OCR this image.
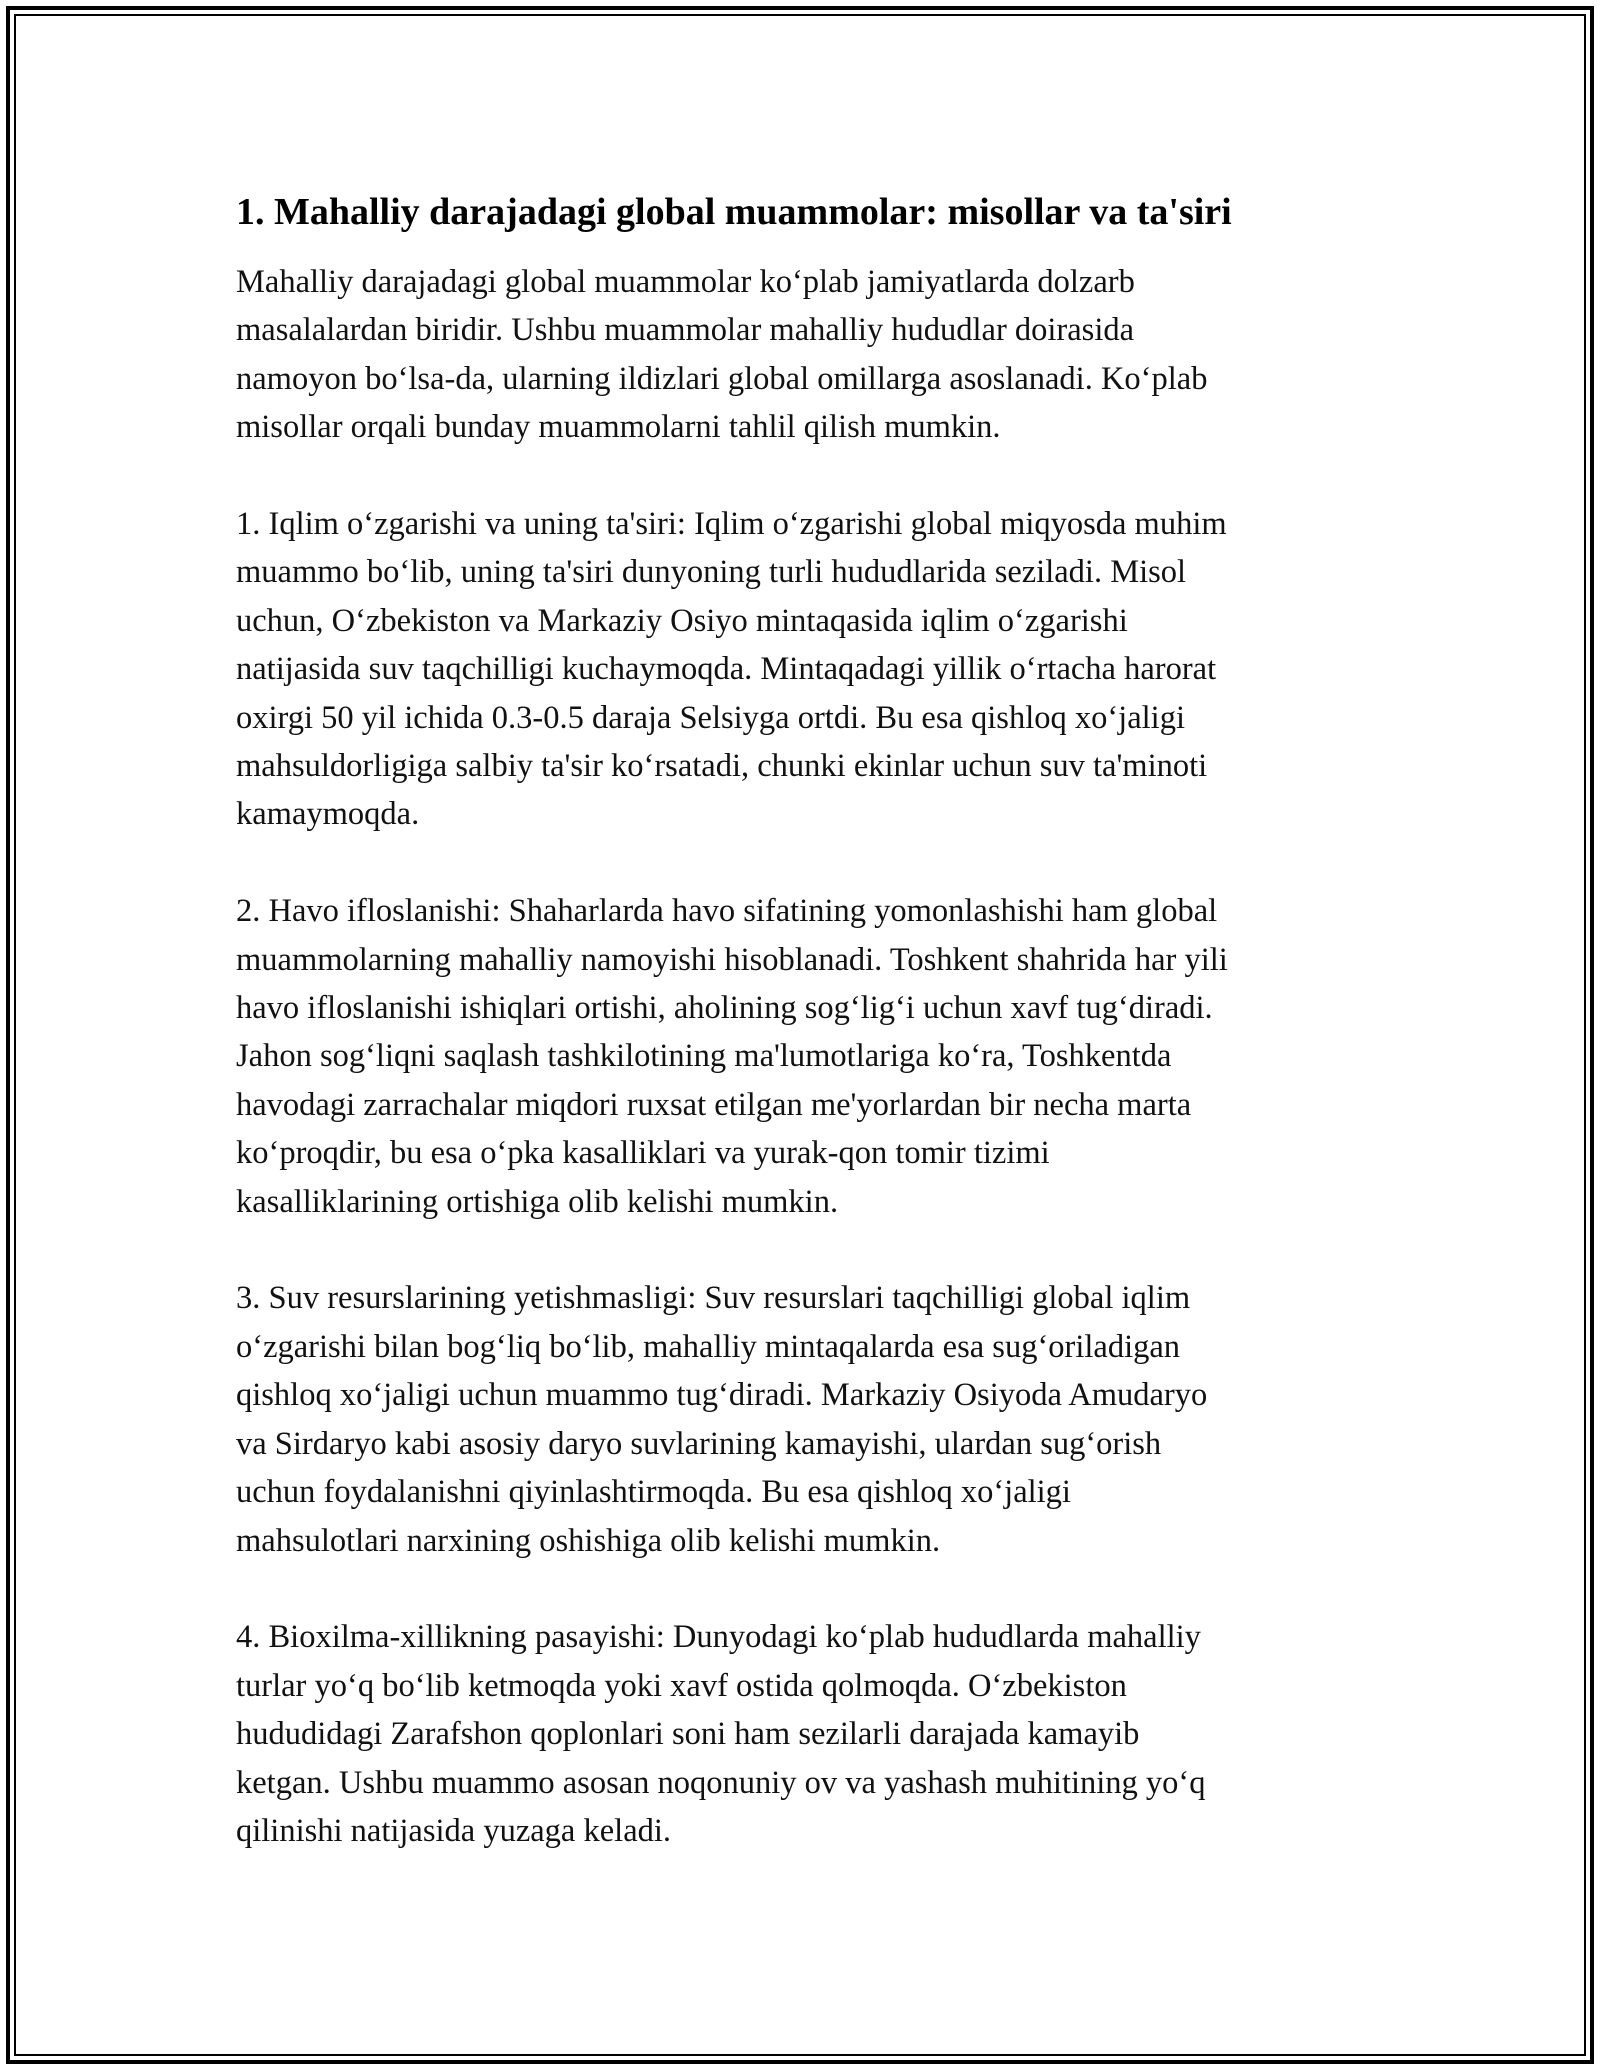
1. Mahalliy darajadagi global muammolar: misollar va ta'siri
Mahalliy darajadagi global muammolar ko‘plab jamiyatlarda dolzarb
masalalardan biridir. Ushbu muammolar mahalliy hududlar doirasida
namoyon bo‘lsa-da, ularning ildizlari global omillarga asoslanadi. Ko‘plab
misollar orqali bunday muammolarni tahlil qilish mumkin.
1. Iqlim o‘zgarishi va uning ta'siri: Iqlim o‘zgarishi global miqyosda muhim
muammo bo‘lib, uning ta'siri dunyoning turli hududlarida seziladi. Misol
uchun, O‘zbekiston va Markaziy Osiyo mintaqasida iqlim o‘zgarishi
natijasida suv taqchilligi kuchaymoqda. Mintaqadagi yillik o‘rtacha harorat
oxirgi 50 yil ichida 0.3-0.5 daraja Selsiyga ortdi. Bu esa qishloq xo‘jaligi
mahsuldorligiga salbiy ta'sir ko‘rsatadi, chunki ekinlar uchun suv ta'minoti
kamaymoqda.
2. Havo ifloslanishi: Shaharlarda havo sifatining yomonlashishi ham global
muammolarning mahalliy namoyishi hisoblanadi. Toshkent shahrida har yili
havo ifloslanishi ishiqlari ortishi, aholining sog‘lig‘i uchun xavf tug‘diradi.
Jahon sog‘liqni saqlash tashkilotining ma'lumotlariga ko‘ra, Toshkentda
havodagi zarrachalar miqdori ruxsat etilgan me'yorlardan bir necha marta
ko‘proqdir, bu esa o‘pka kasalliklari va yurak-qon tomir tizimi
kasalliklarining ortishiga olib kelishi mumkin.
3. Suv resurslarining yetishmasligi: Suv resurslari taqchilligi global iqlim
o‘zgarishi bilan bog‘liq bo‘lib, mahalliy mintaqalarda esa sug‘oriladigan
qishloq xo‘jaligi uchun muammo tug‘diradi. Markaziy Osiyoda Amudaryo
va Sirdaryo kabi asosiy daryo suvlarining kamayishi, ulardan sug‘orish
uchun foydalanishni qiyinlashtirmoqda. Bu esa qishloq xo‘jaligi
mahsulotlari narxining oshishiga olib kelishi mumkin.
4. Bioxilma-xillikning pasayishi: Dunyodagi ko‘plab hududlarda mahalliy
turlar yo‘q bo‘lib ketmoqda yoki xavf ostida qolmoqda. O‘zbekiston
hududidagi Zarafshon qoplonlari soni ham sezilarli darajada kamayib
ketgan. Ushbu muammo asosan noqonuniy ov va yashash muhitining yo‘q
qilinishi natijasida yuzaga keladi.
